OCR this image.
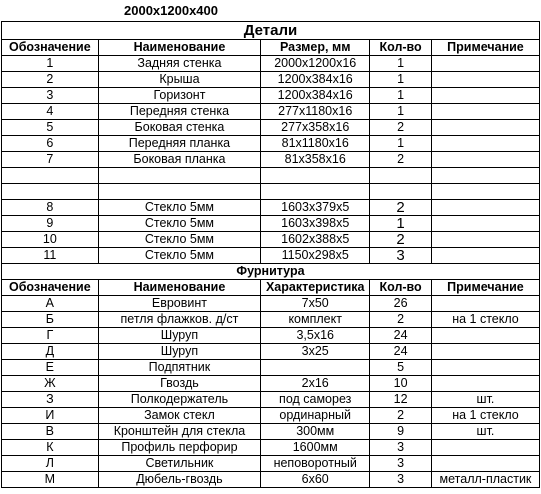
2000x1200x400
Детали				
Обозначение	Наименование	Размер, мм	Кол-во	Примечание
1	Задняя стенка	2000x1200x16	1	
2	Крыша	1200x384x16	1	
3	Горизонт	1200x384x16	1	
4	Передняя стенка	277x1180x16	1	
5	Боковая стенка	277x358x16	2	
6	Передняя планка	81x1180x16	1	
7	Боковая планка	81x358x16	2	

8	Стекло 5мм	1603x379x5	2	
9	Стекло 5мм	1603x398x5	1	
10	Стекло 5мм	1602x388x5	2	
11	Стекло 5мм	1150x298x5	3	
Фурнитура				
Обозначение	Наименование	Характеристика	Кол-во	Примечание
А	Евровинт	7x50	26	
Б	петля флажков. д/ст	комплект	2	на 1 стекло
Г	Шуруп	3,5x16	24	
Д	Шуруп	3x25	24	
Е	Подпятник		5	
Ж	Гвоздь	2x16	10	
З	Полкодержатель	под саморез	12	шт.
И	Замок стекл	ординарный	2	на 1 стекло
В	Кронштейн для стекла	300мм	9	шт.
К	Профиль перфорир	1600мм	3	
Л	Светильник	неповоротный	3	
М	Дюбель-гвоздь	6x60	3	металл-пластик
